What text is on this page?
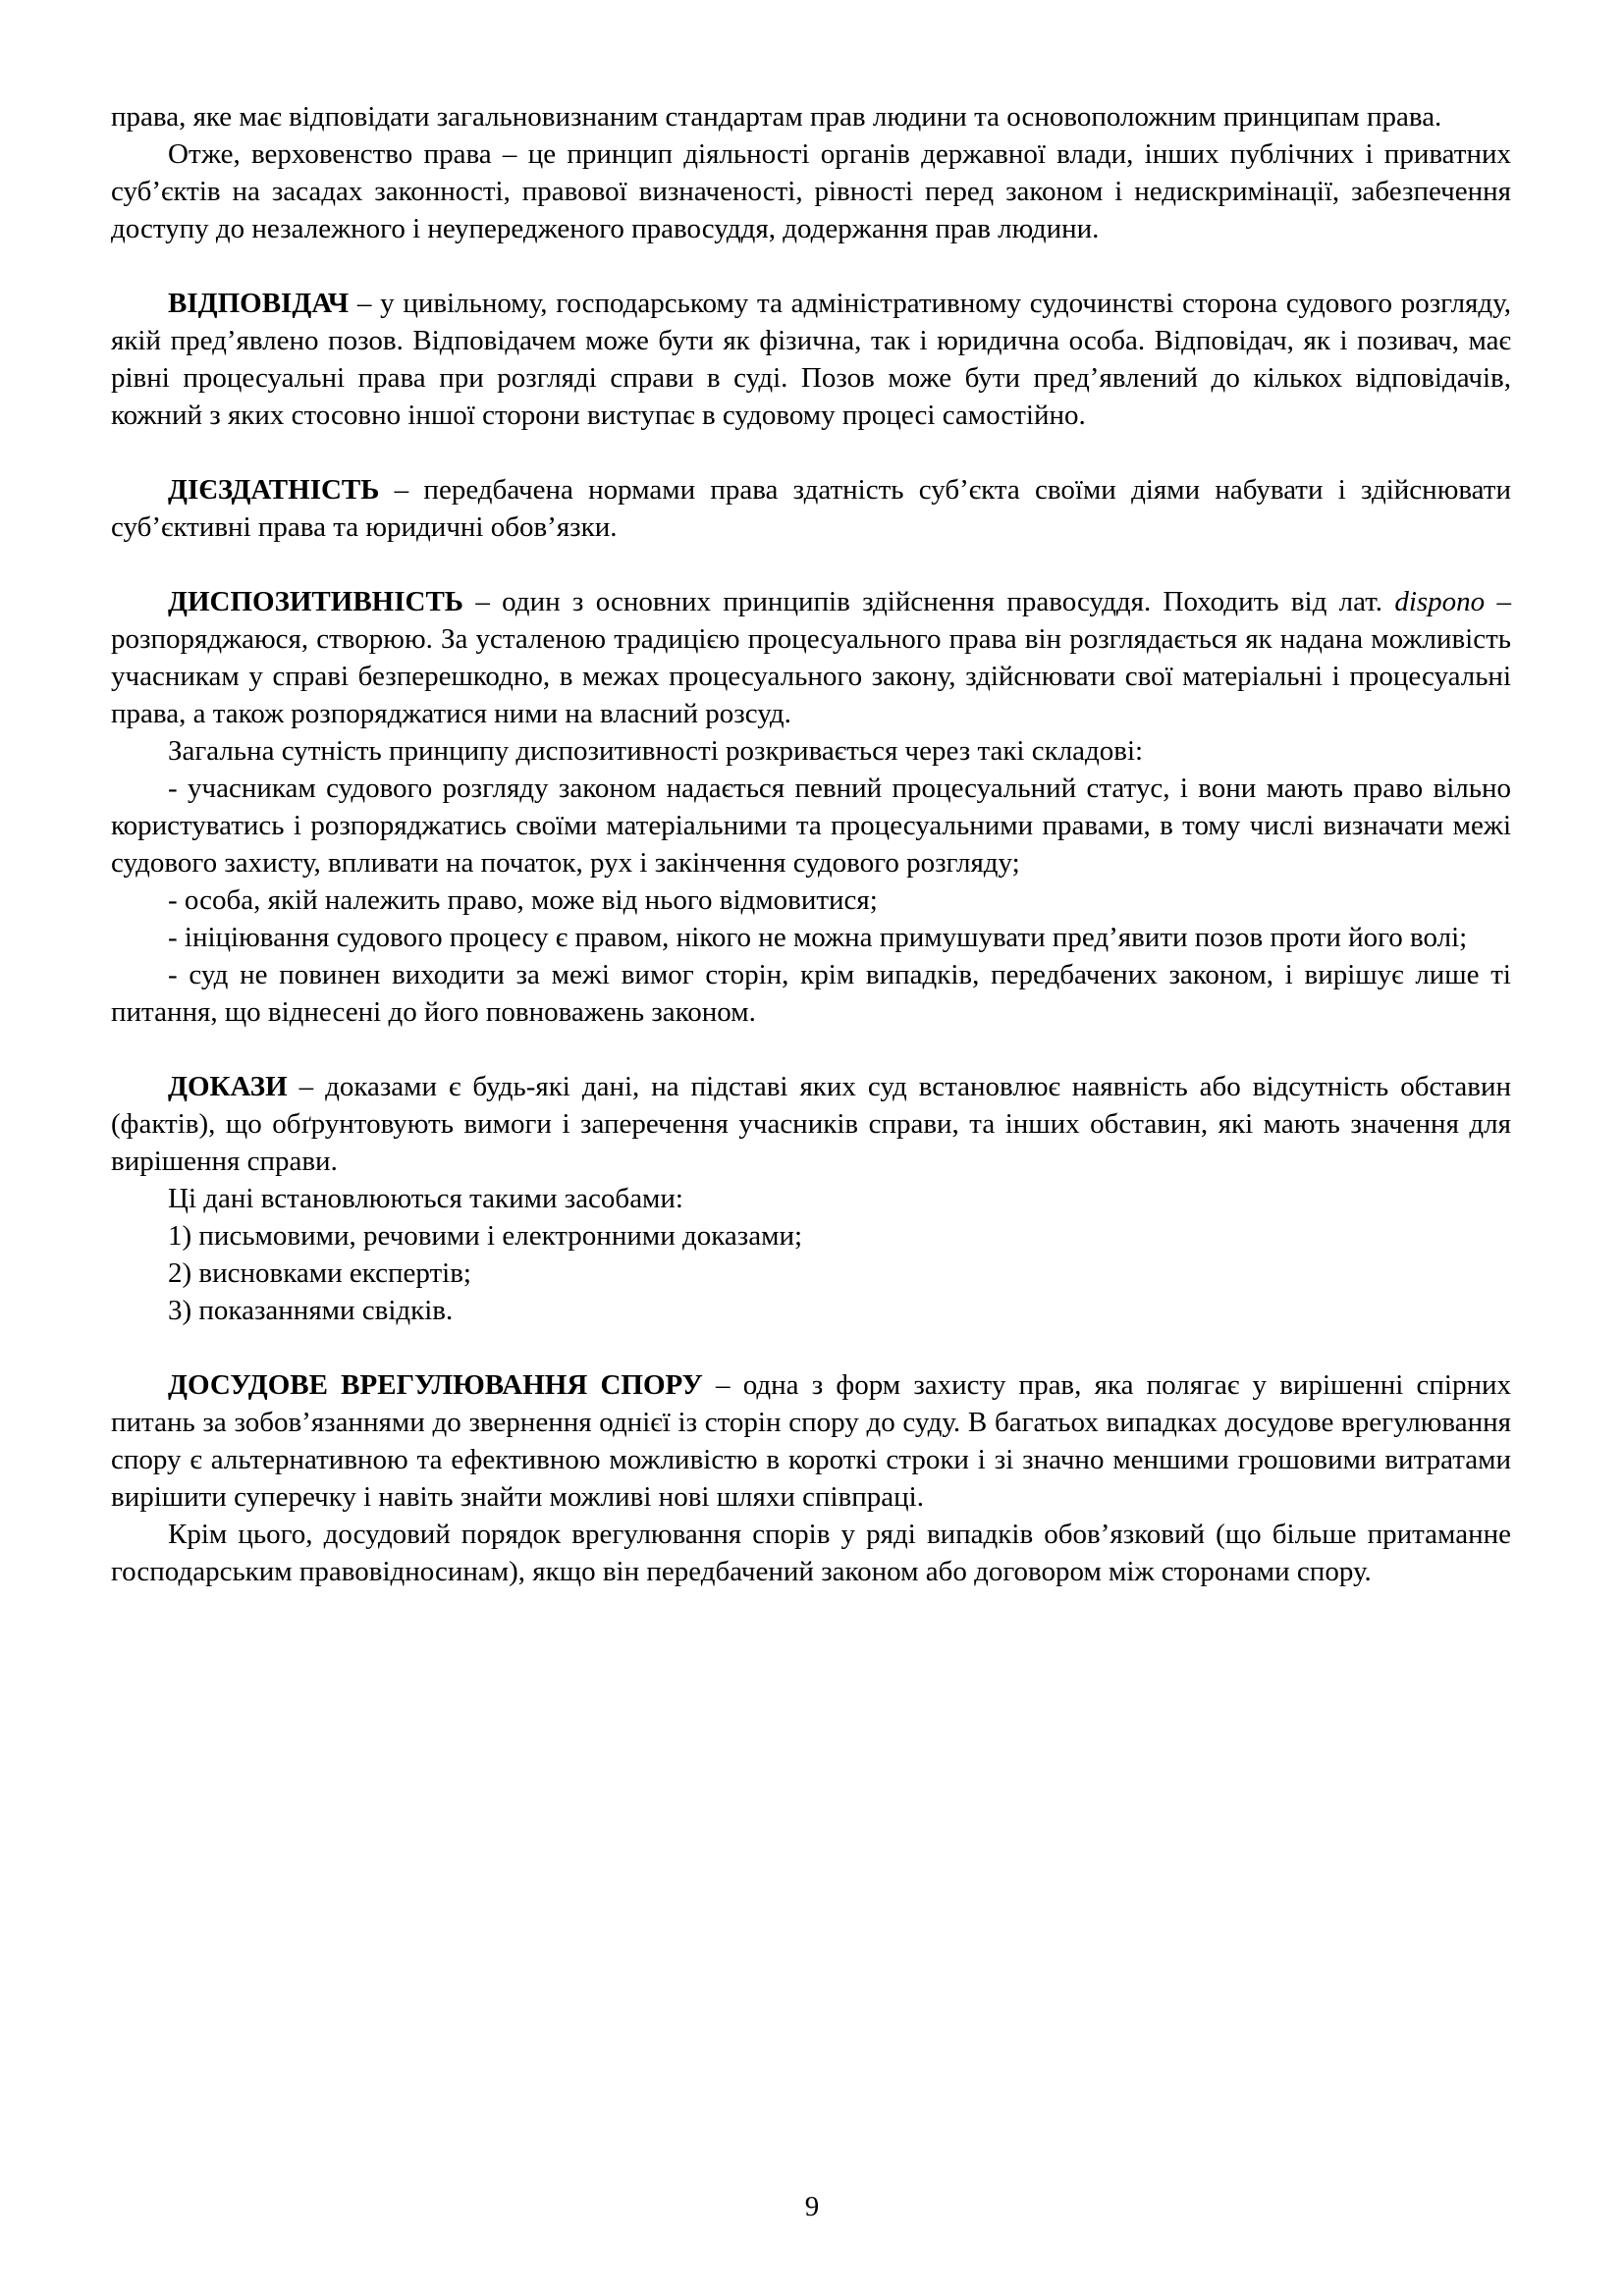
права, яке має відповідати загальновизнаним стандартам прав людини та основоположним принципам права.

Отже, верховенство права – це принцип діяльності органів державної влади, інших публічних і приватних суб’єктів на засадах законності, правової визначеності, рівності перед законом і недискримінації, забезпечення доступу до незалежного і неупередженого правосуддя, додержання прав людини.

ВІДПОВІДАЧ – у цивільному, господарському та адміністративному судочинстві сторона судового розгляду, якій пред’явлено позов. Відповідачем може бути як фізична, так і юридична особа. Відповідач, як і позивач, має рівні процесуальні права при розгляді справи в суді. Позов може бути пред’явлений до кількох відповідачів, кожний з яких стосовно іншої сторони виступає в судовому процесі самостійно.

ДІЄЗДАТНІСТЬ – передбачена нормами права здатність суб’єкта своїми діями набувати і здійснювати суб’єктивні права та юридичні обов’язки.

ДИСПОЗИТИВНІСТЬ – один з основних принципів здійснення правосуддя. Походить від лат. dispono – розпоряджаюся, створюю. За усталеною традицією процесуального права він розглядається як надана можливість учасникам у справі безперешкодно, в межах процесуального закону, здійснювати свої матеріальні і процесуальні права, а також розпоряджатися ними на власний розсуд.

Загальна сутність принципу диспозитивності розкривається через такі складові:

- учасникам судового розгляду законом надається певний процесуальний статус, і вони мають право вільно користуватись і розпоряджатись своїми матеріальними та процесуальними правами, в тому числі визначати межі судового захисту, впливати на початок, рух і закінчення судового розгляду;

- особа, якій належить право, може від нього відмовитися;

- ініціювання судового процесу є правом, нікого не можна примушувати пред’явити позов проти його волі;

- суд не повинен виходити за межі вимог сторін, крім випадків, передбачених законом, і вирішує лише ті питання, що віднесені до його повноважень законом.

ДОКАЗИ – доказами є будь-які дані, на підставі яких суд встановлює наявність або відсутність обставин (фактів), що обґрунтовують вимоги і заперечення учасників справи, та інших обставин, які мають значення для вирішення справи.

Ці дані встановлюються такими засобами:

1) письмовими, речовими і електронними доказами;

2) висновками експертів;

3) показаннями свідків.

ДОСУДОВЕ ВРЕГУЛЮВАННЯ СПОРУ – одна з форм захисту прав, яка полягає у вирішенні спірних питань за зобов’язаннями до звернення однієї із сторін спору до суду. В багатьох випадках досудове врегулювання спору є альтернативною та ефективною можливістю в короткі строки і зі значно меншими грошовими витратами вирішити суперечку і навіть знайти можливі нові шляхи співпраці.

Крім цього, досудовий порядок врегулювання спорів у ряді випадків обов’язковий (що більше притаманне господарським правовідносинам), якщо він передбачений законом або договором між сторонами спору.

9
